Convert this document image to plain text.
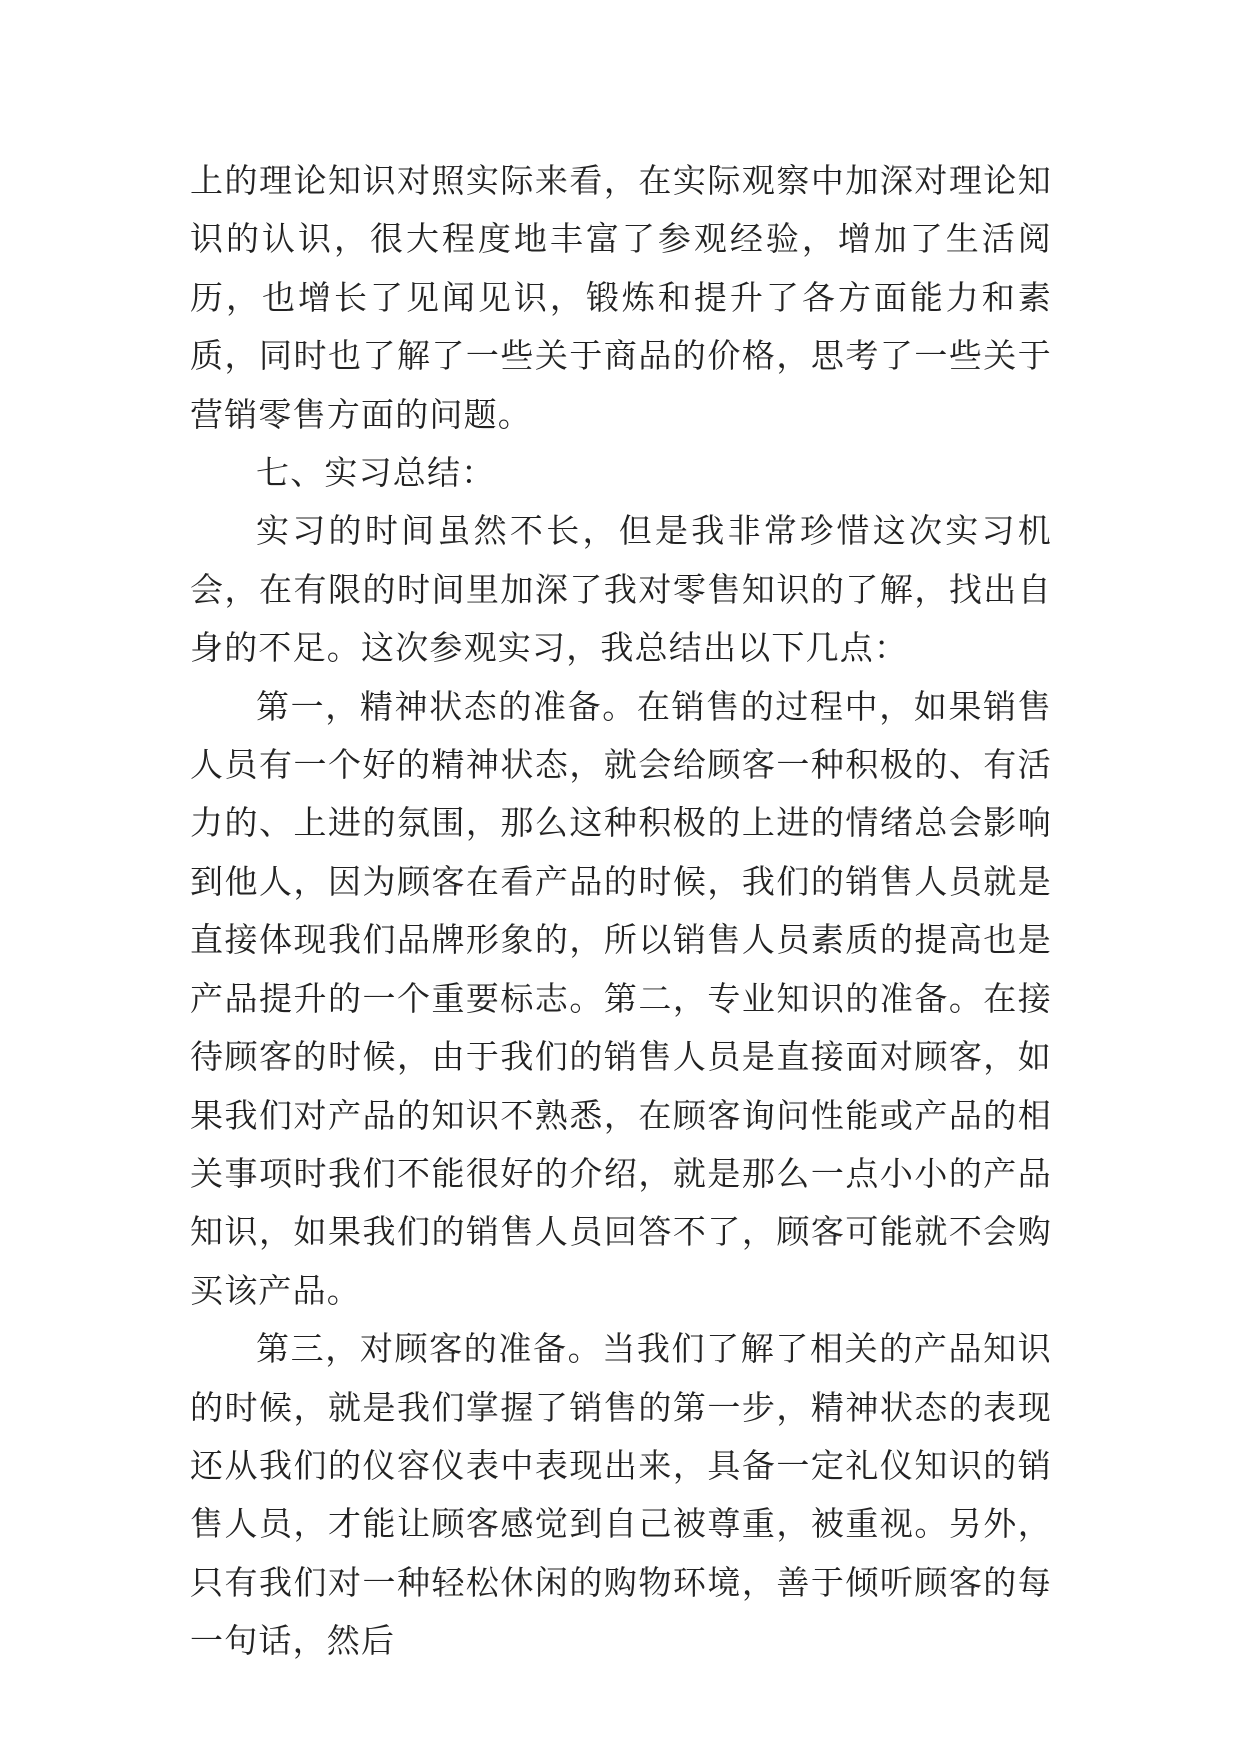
上的理论知识对照实际来看，在实际观察中加深对理论知识的认识，很大程度地丰富了参观经验，增加了生活阅历，也增长了见闻见识，锻炼和提升了各方面能力和素质，同时也了解了一些关于商品的价格，思考了一些关于营销零售方面的问题。

七、实习总结：

实习的时间虽然不长，但是我非常珍惜这次实习机会，在有限的时间里加深了我对零售知识的了解，找出自身的不足。这次参观实习，我总结出以下几点：

第一，精神状态的准备。在销售的过程中，如果销售人员有一个好的精神状态，就会给顾客一种积极的、有活力的、上进的氛围，那么这种积极的上进的情绪总会影响到他人，因为顾客在看产品的时候，我们的销售人员就是直接体现我们品牌形象的，所以销售人员素质的提高也是产品提升的一个重要标志。第二，专业知识的准备。在接待顾客的时候，由于我们的销售人员是直接面对顾客，如果我们对产品的知识不熟悉，在顾客询问性能或产品的相关事项时我们不能很好的介绍，就是那么一点小小的产品知识，如果我们的销售人员回答不了，顾客可能就不会购买该产品。

第三，对顾客的准备。当我们了解了相关的产品知识的时候，就是我们掌握了销售的第一步，精神状态的表现还从我们的仪容仪表中表现出来，具备一定礼仪知识的销售人员，才能让顾客感觉到自己被尊重，被重视。另外，只有我们对一种轻松休闲的购物环境，善于倾听顾客的每一句话，然后
